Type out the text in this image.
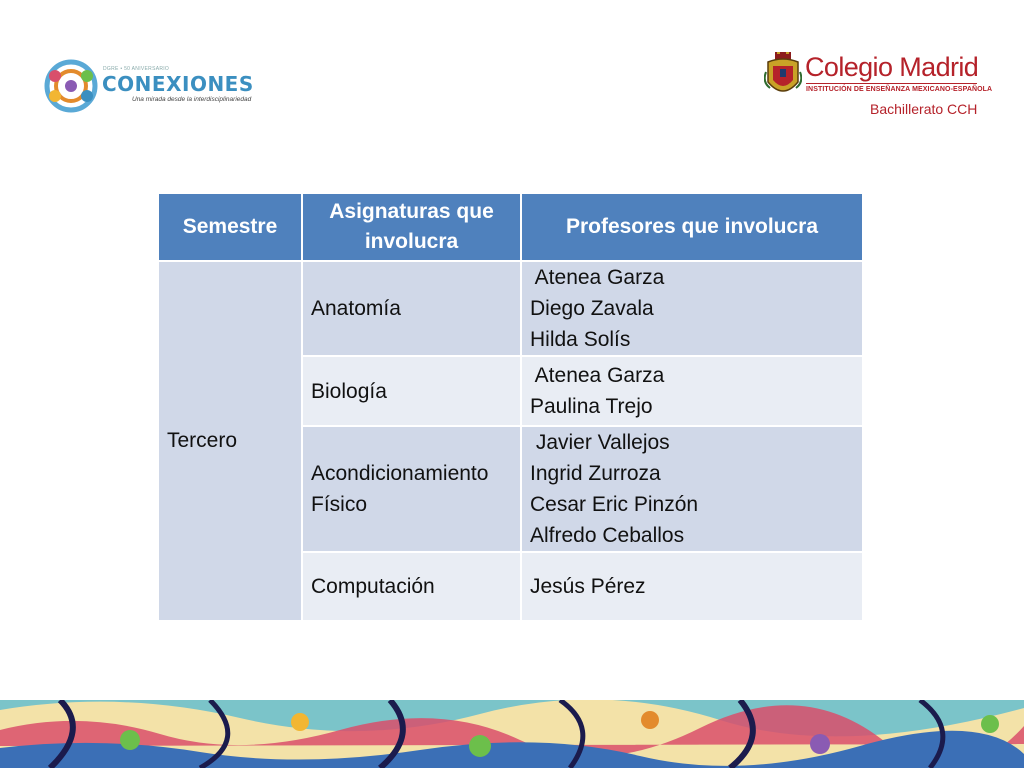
DGRE • 50 ANIVERSARIO
CONEXIONES
Una mirada desde la interdisciplinariedad
Colegio Madrid
INSTITUCIÓN DE ENSEÑANZA MEXICANO-ESPAÑOLA
Bachillerato CCH
Semestre	Asignaturas que involucra	Profesores que involucra
Tercero	Anatomía	Atenea Garza
Diego Zavala
Hilda Solís

	Biología	Atenea Garza
Paulina Trejo

	Acondicionamiento
Físico	Javier Vallejos
Ingrid Zurroza
Cesar Eric Pinzón
Alfredo Ceballos

	Computación	Jesús Pérez
